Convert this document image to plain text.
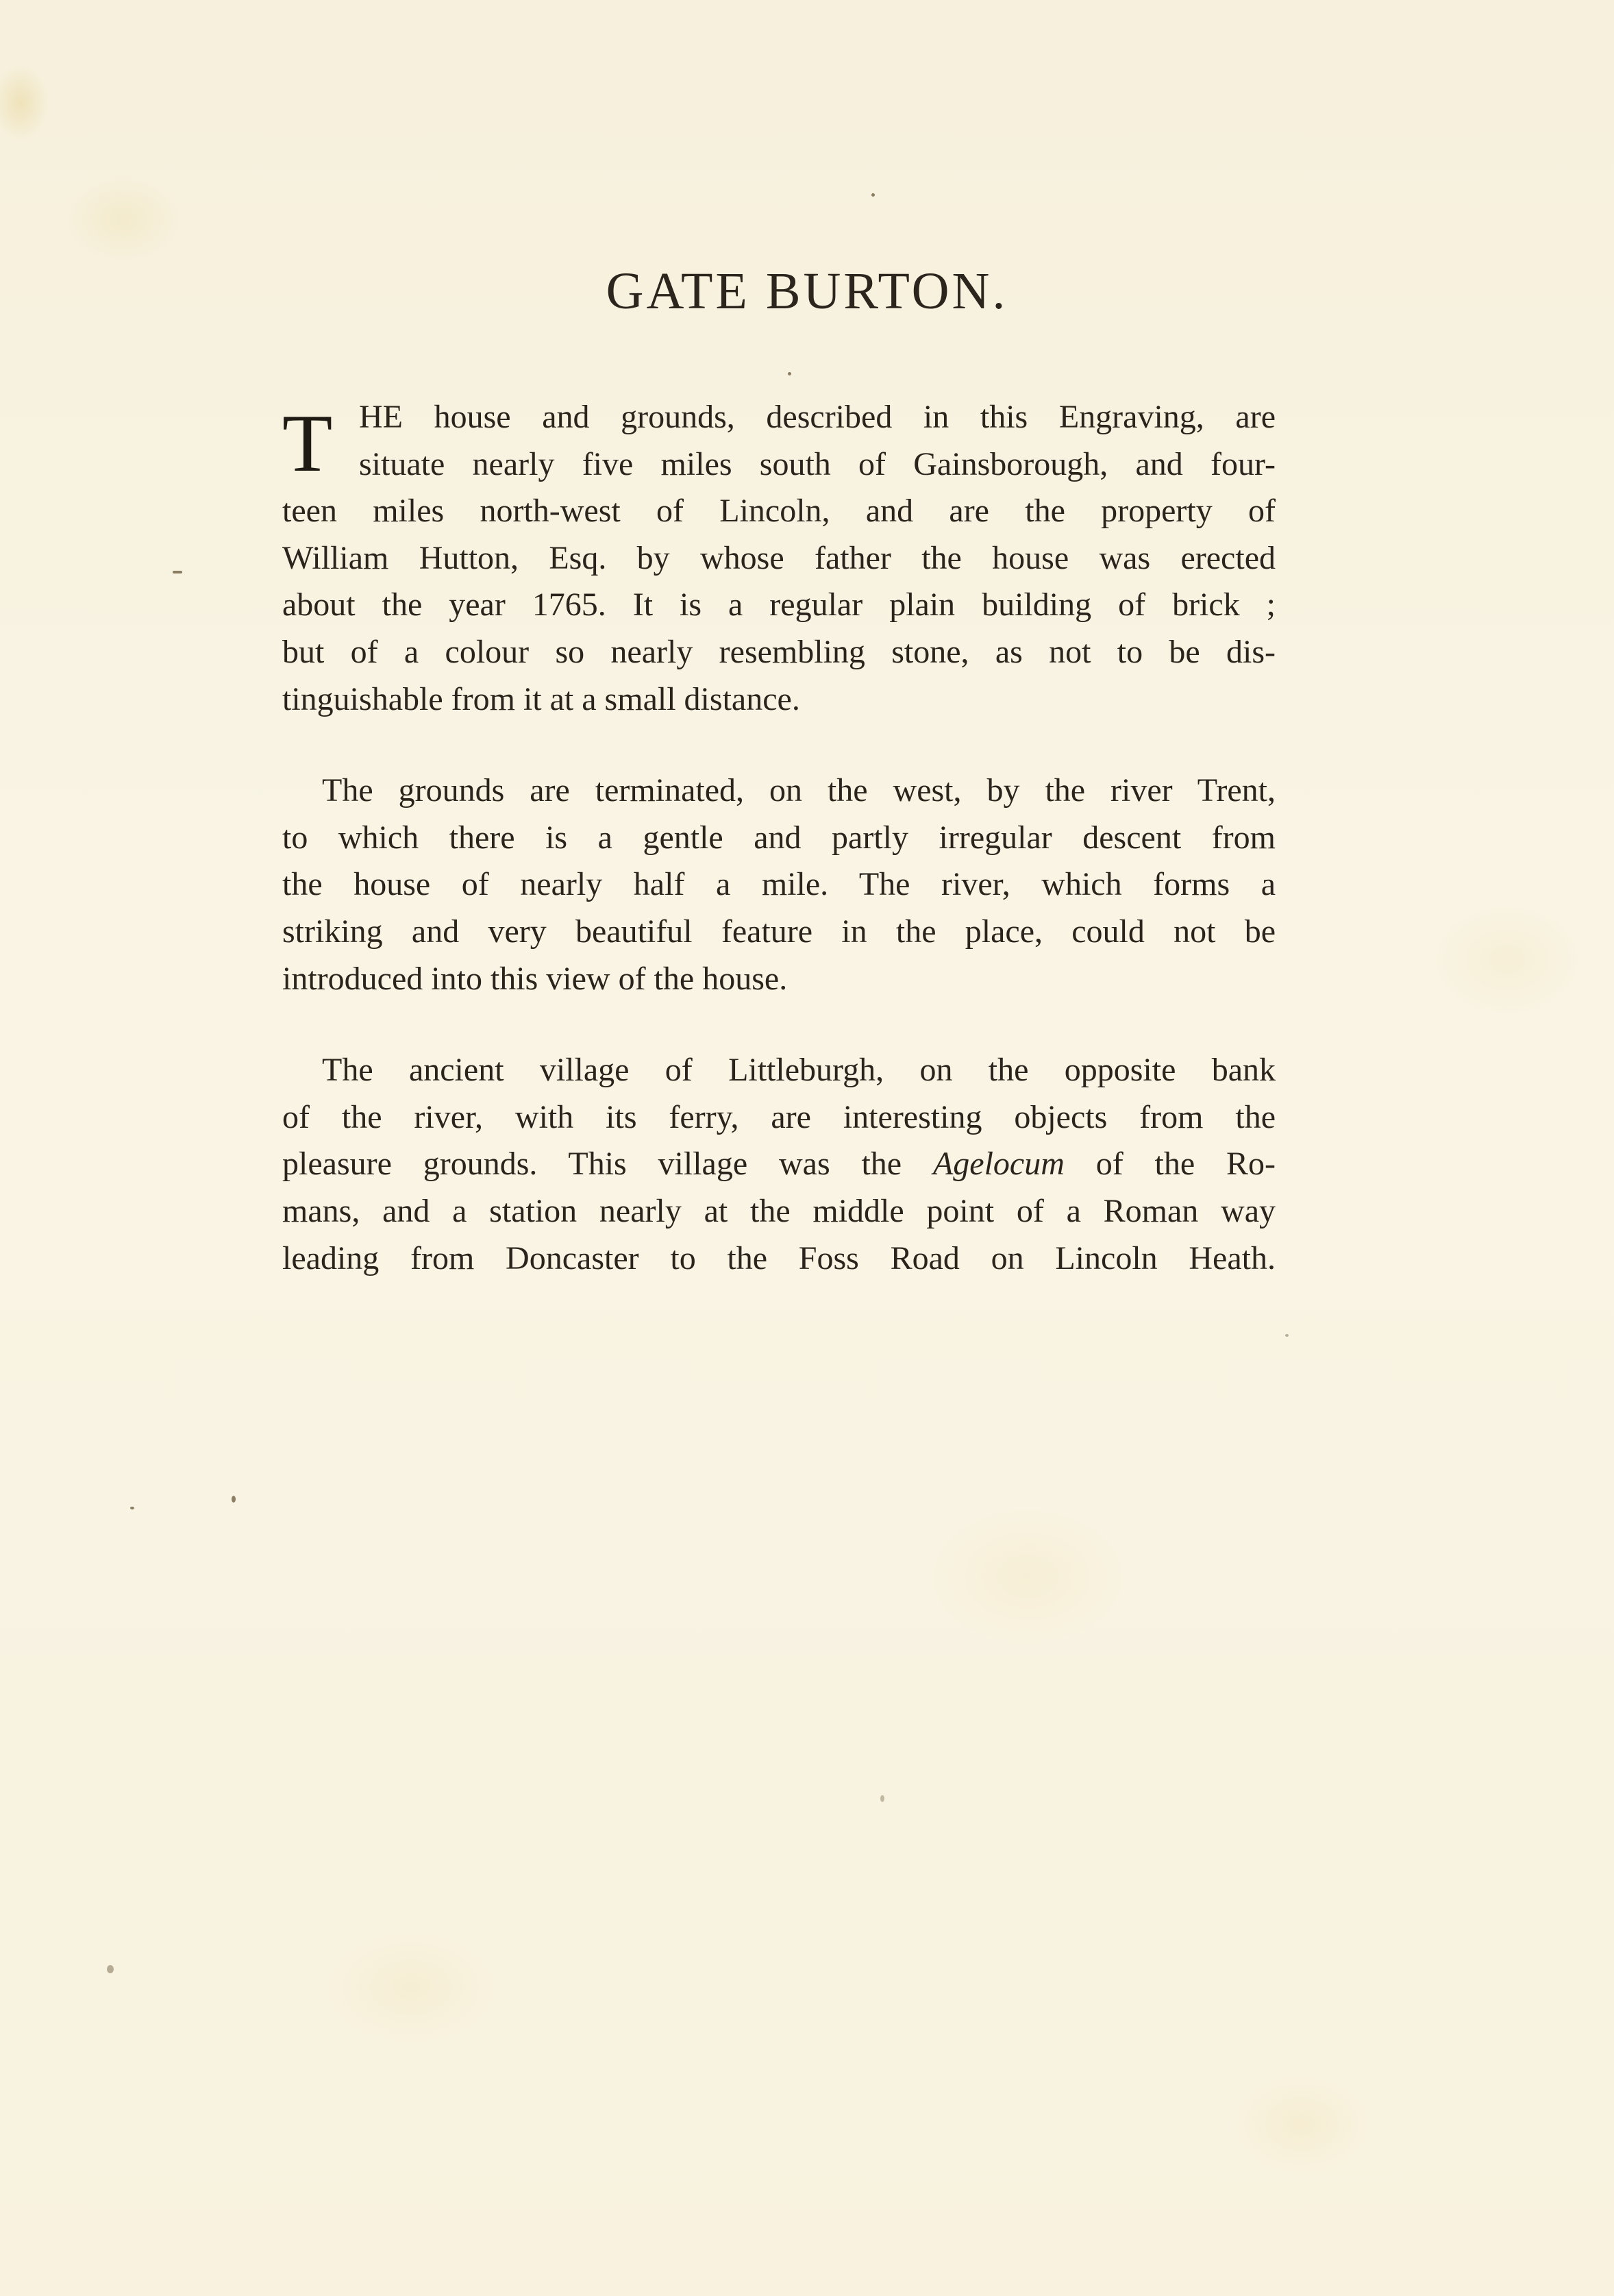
GATE BURTON.
T HE house and grounds, described in this Engraving, are
situate nearly five miles south of Gainsborough, and four-
teen miles north-west of Lincoln, and are the property of
William Hutton, Esq. by whose father the house was erected
about the year 1765. It is a regular plain building of brick ;
but of a colour so nearly resembling stone, as not to be dis-
tinguishable from it at a small distance.
The grounds are terminated, on the west, by the river Trent,
to which there is a gentle and partly irregular descent from
the house of nearly half a mile. The river, which forms a
striking and very beautiful feature in the place, could not be
introduced into this view of the house.
The ancient village of Littleburgh, on the opposite bank
of the river, with its ferry, are interesting objects from the
pleasure grounds. This village was the Agelocum of the Ro-
mans, and a station nearly at the middle point of a Roman way
leading from Doncaster to the Foss Road on Lincoln Heath.
